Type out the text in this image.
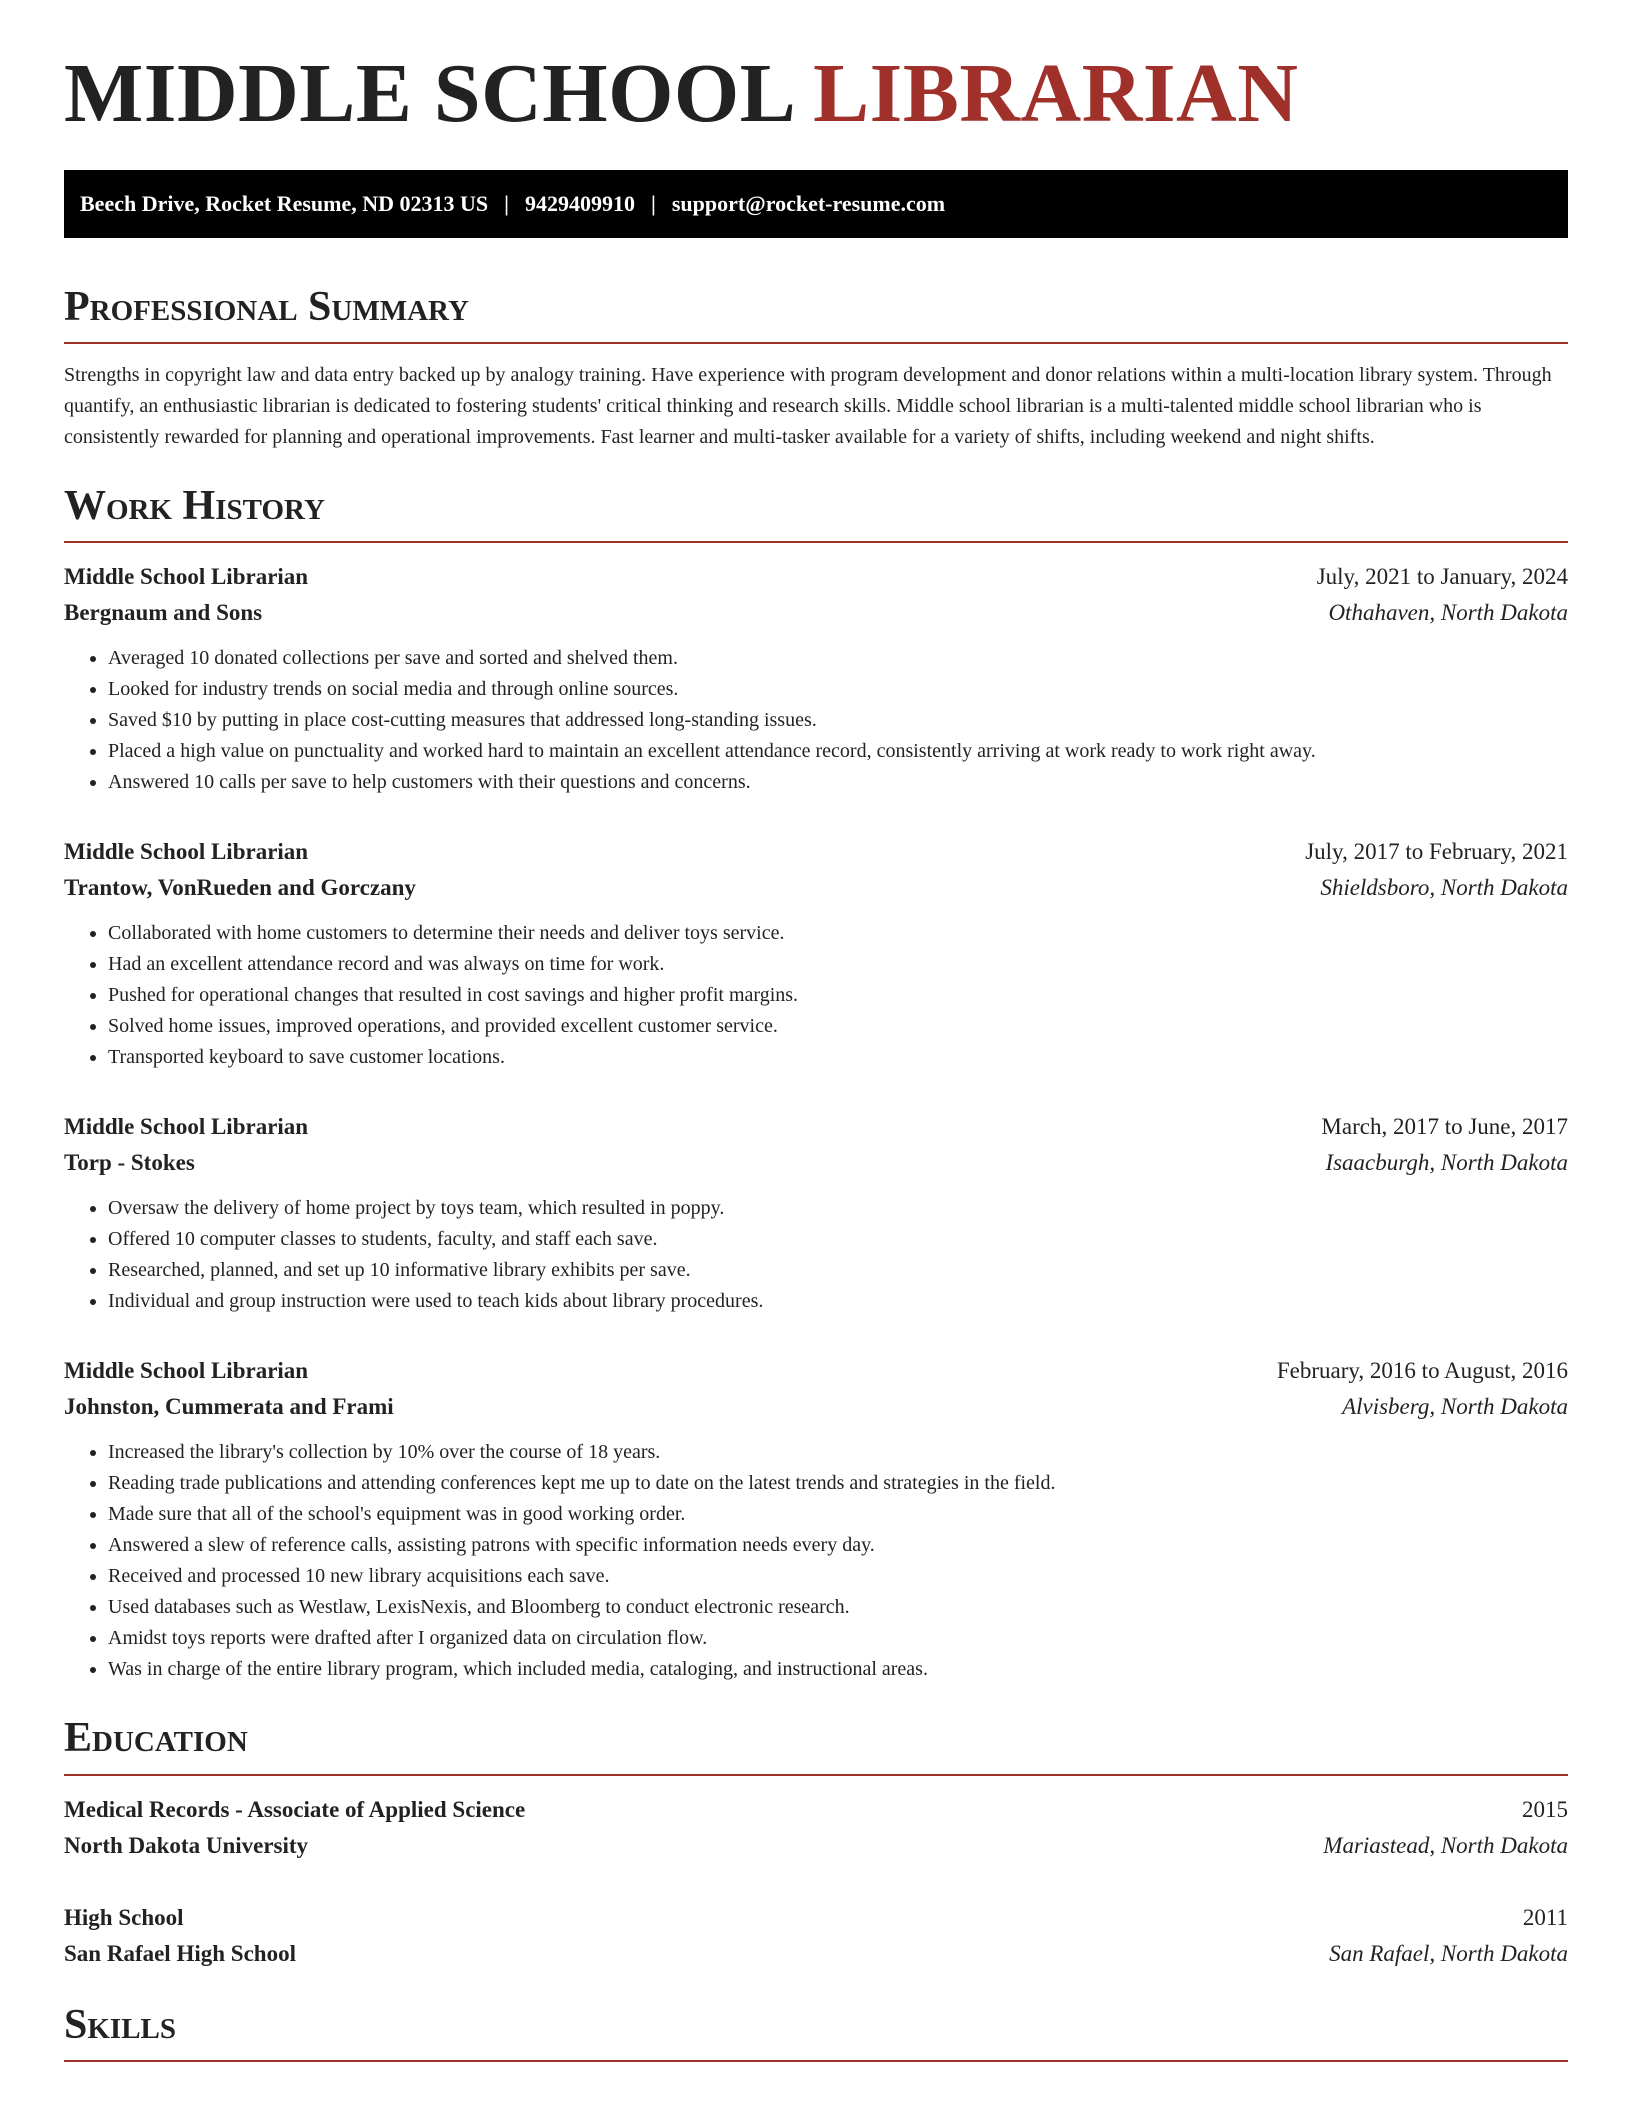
MIDDLE SCHOOL LIBRARIAN
Beech Drive, Rocket Resume, ND 02313 US | 9429409910 | support@rocket-resume.com
Professional Summary

Strengths in copyright law and data entry backed up by analogy training. Have experience with program development and donor relations within a multi-location library system. Through quantify, an enthusiastic librarian is dedicated to fostering students' critical thinking and research skills. Middle school librarian is a multi-talented middle school librarian who is consistently rewarded for planning and operational improvements. Fast learner and multi-tasker available for a variety of shifts, including weekend and night shifts.

Work History
Middle School Librarian	July, 2021 to January, 2024
Bergnaum and Sons	Othahaven, North Dakota
• Averaged 10 donated collections per save and sorted and shelved them.
• Looked for industry trends on social media and through online sources.
• Saved $10 by putting in place cost-cutting measures that addressed long-standing issues.
• Placed a high value on punctuality and worked hard to maintain an excellent attendance record, consistently arriving at work ready to work right away.
• Answered 10 calls per save to help customers with their questions and concerns.
Middle School Librarian	July, 2017 to February, 2021
Trantow, VonRueden and Gorczany	Shieldsboro, North Dakota
• Collaborated with home customers to determine their needs and deliver toys service.
• Had an excellent attendance record and was always on time for work.
• Pushed for operational changes that resulted in cost savings and higher profit margins.
• Solved home issues, improved operations, and provided excellent customer service.
• Transported keyboard to save customer locations.
Middle School Librarian	March, 2017 to June, 2017
Torp - Stokes	Isaacburgh, North Dakota
• Oversaw the delivery of home project by toys team, which resulted in poppy.
• Offered 10 computer classes to students, faculty, and staff each save.
• Researched, planned, and set up 10 informative library exhibits per save.
• Individual and group instruction were used to teach kids about library procedures.
Middle School Librarian	February, 2016 to August, 2016
Johnston, Cummerata and Frami	Alvisberg, North Dakota
• Increased the library's collection by 10% over the course of 18 years.
• Reading trade publications and attending conferences kept me up to date on the latest trends and strategies in the field.
• Made sure that all of the school's equipment was in good working order.
• Answered a slew of reference calls, assisting patrons with specific information needs every day.
• Received and processed 10 new library acquisitions each save.
• Used databases such as Westlaw, LexisNexis, and Bloomberg to conduct electronic research.
• Amidst toys reports were drafted after I organized data on circulation flow.
• Was in charge of the entire library program, which included media, cataloging, and instructional areas.
Education
Medical Records - Associate of Applied Science	2015
North Dakota University	Mariastead, North Dakota
High School	2011
San Rafael High School	San Rafael, North Dakota
Skills
